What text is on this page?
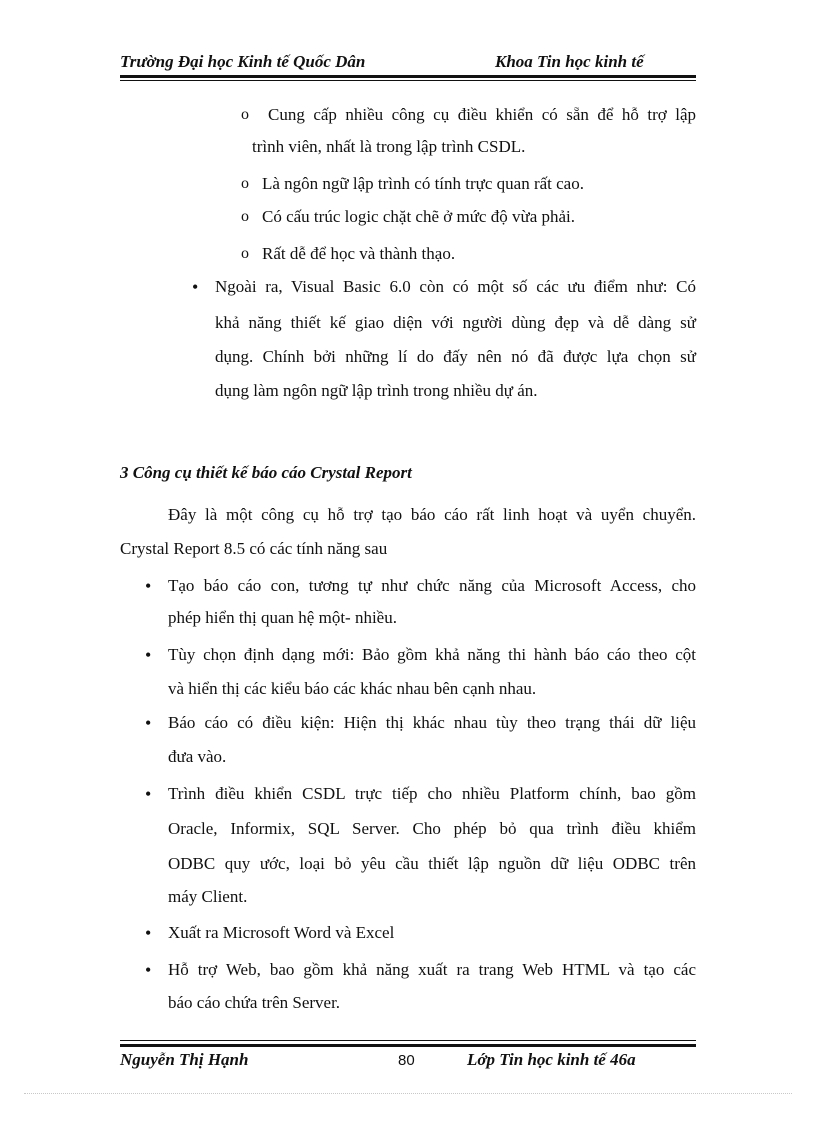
Trường Đại học Kinh tế Quốc Dân	Khoa Tin học kinh tế
o Cung cấp nhiều công cụ điều khiển có sẵn để hỗ trợ lập
trình viên, nhất là trong lập trình CSDL.
o Là ngôn ngữ lập trình có tính trực quan rất cao.
o Có cấu trúc logic chặt chẽ ở mức độ vừa phải.
o Rất dễ để học và thành thạo.
• Ngoài ra, Visual Basic 6.0 còn có một số các ưu điểm như: Có
khả năng thiết kế giao diện với người dùng đẹp và dễ dàng sử
dụng. Chính bởi những lí do đấy nên nó đã được lựa chọn sử
dụng làm ngôn ngữ lập trình trong nhiều dự án.
3 Công cụ thiết kế báo cáo Crystal Report
Đây là một công cụ hỗ trợ tạo báo cáo rất linh hoạt và uyển chuyển.
Crystal Report 8.5 có các tính năng sau
• Tạo báo cáo con, tương tự như chức năng của Microsoft Access, cho
phép hiển thị quan hệ một- nhiều.
• Tùy chọn định dạng mới: Bảo gồm khả năng thi hành báo cáo theo cột
và hiển thị các kiểu báo các khác nhau bên cạnh nhau.
• Báo cáo có điều kiện: Hiện thị khác nhau tùy theo trạng thái dữ liệu
đưa vào.
• Trình điều khiển CSDL trực tiếp cho nhiều Platform chính, bao gồm
Oracle, Informix, SQL Server. Cho phép bỏ qua trình điều khiểm
ODBC quy ước, loại bỏ yêu cầu thiết lập nguồn dữ liệu ODBC trên
máy Client.
• Xuất ra Microsoft Word và Excel
• Hỗ trợ Web, bao gồm khả năng xuất ra trang Web HTML và tạo các
báo cáo chứa trên Server.
Nguyễn Thị Hạnh	80	Lớp Tin học kinh tế 46a
